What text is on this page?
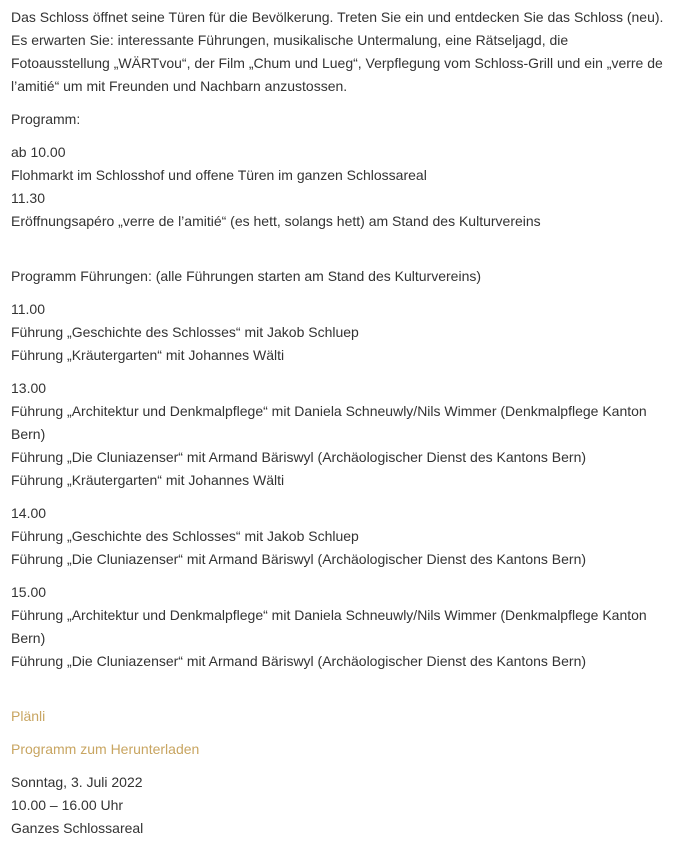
Das Schloss öffnet seine Türen für die Bevölkerung. Treten Sie ein und entdecken Sie das Schloss (neu). Es erwarten Sie: interessante Führungen, musikalische Untermalung, eine Rätseljagd, die Fotoausstellung „WÄRTvou“, der Film „Chum und Lueg“, Verpflegung vom Schloss-Grill und ein „verre de l’amitié“ um mit Freunden und Nachbarn anzustossen.

Programm:

ab 10.00
Flohmarkt im Schlosshof und offene Türen im ganzen Schlossareal
11.30
Eröffnungsapéro „verre de l’amitié“ (es hett, solangs hett) am Stand des Kulturvereins

Programm Führungen: (alle Führungen starten am Stand des Kulturvereins)

11.00
Führung „Geschichte des Schlosses“ mit Jakob Schluep
Führung „Kräutergarten“ mit Johannes Wälti

13.00
Führung „Architektur und Denkmalpflege“ mit Daniela Schneuwly/Nils Wimmer (Denkmalpflege Kanton Bern)
Führung „Die Cluniazenser“ mit Armand Bäriswyl (Archäologischer Dienst des Kantons Bern)
Führung „Kräutergarten“ mit Johannes Wälti

14.00
Führung „Geschichte des Schlosses“ mit Jakob Schluep
Führung „Die Cluniazenser“ mit Armand Bäriswyl (Archäologischer Dienst des Kantons Bern)

15.00
Führung „Architektur und Denkmalpflege“ mit Daniela Schneuwly/Nils Wimmer (Denkmalpflege Kanton Bern)
Führung „Die Cluniazenser“ mit Armand Bäriswyl (Archäologischer Dienst des Kantons Bern)

Plänli
Programm zum Herunterladen

Sonntag, 3. Juli 2022
10.00 – 16.00 Uhr
Ganzes Schlossareal
